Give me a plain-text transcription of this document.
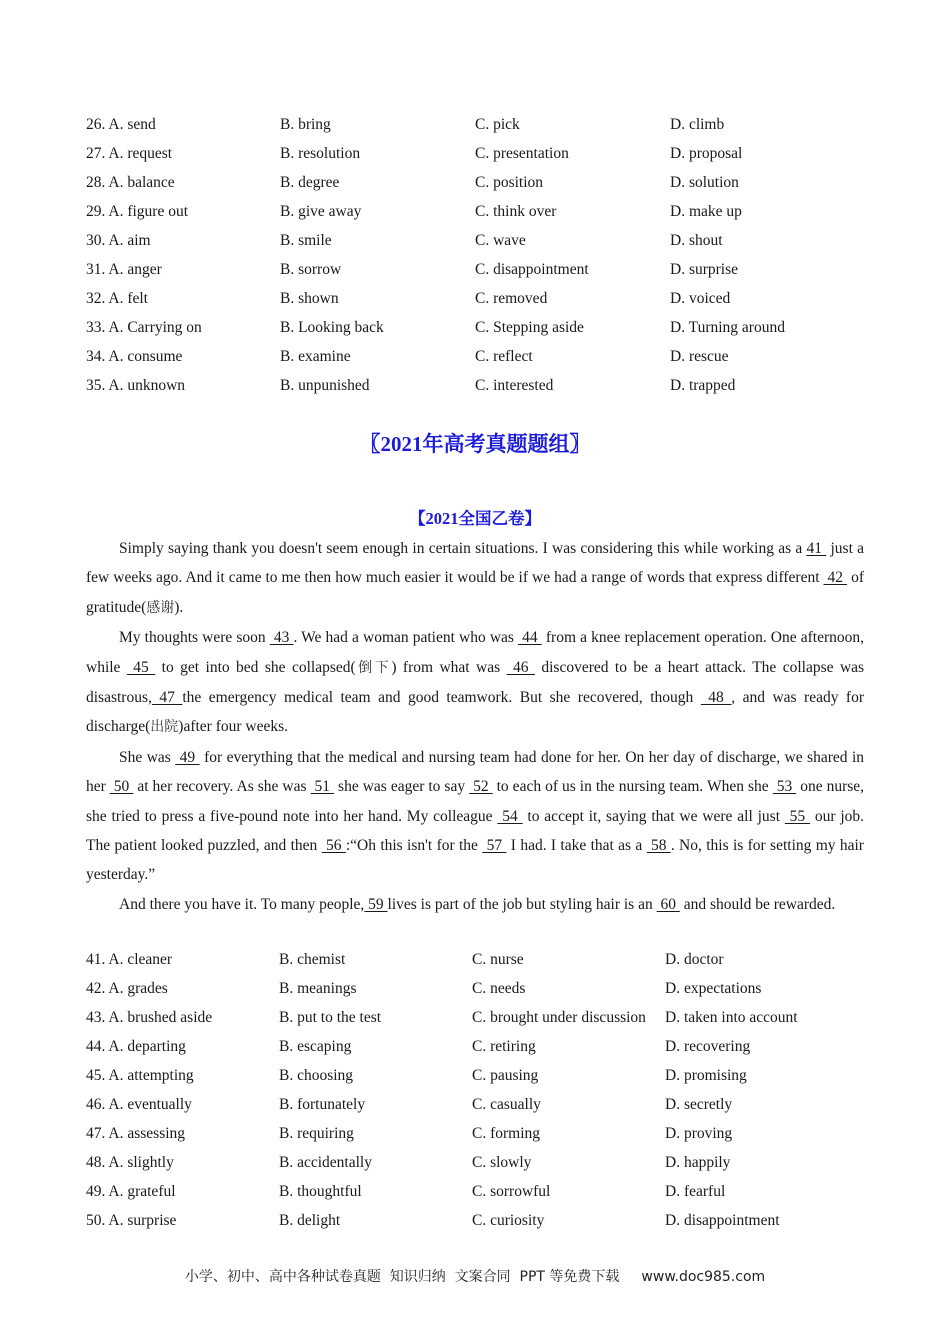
26. A. send	B. bring	C. pick	D. climb
27. A. request	B. resolution	C. presentation	D. proposal
28. A. balance	B. degree	C. position	D. solution
29. A. figure out	B. give away	C. think over	D. make up
30. A. aim	B. smile	C. wave	D. shout
31. A. anger	B. sorrow	C. disappointment	D. surprise
32. A. felt	B. shown	C. removed	D. voiced
33. A. Carrying on	B. Looking back	C. Stepping aside	D. Turning around
34. A. consume	B. examine	C. reflect	D. rescue
35. A. unknown	B. unpunished	C. interested	D. trapped
〖2021年高考真题题组〗
【2021全国乙卷】

Simply saying thank you doesn't seem enough in certain situations. I was considering this while working as a 41  just a few weeks ago. And it came to me then how much easier it would be if we had a range of words that express different  42  of gratitude(感谢).

My thoughts were soon  43 . We had a woman patient who was  44  from a knee replacement operation. One afternoon, while  45  to get into bed she collapsed(倒下) from what was  46  discovered to be a heart attack. The collapse was disastrous, 47 the emergency medical team and good teamwork. But she recovered, though  48 , and was ready for discharge(出院)after four weeks.

She was  49  for everything that the medical and nursing team had done for her. On her day of discharge, we shared in her  50  at her recovery. As she was  51  she was eager to say  52  to each of us in the nursing team. When she  53  one nurse, she tried to press a five-pound note into her hand. My colleague  54  to accept it, saying that we were all just  55  our job. The patient looked puzzled, and then  56 :“Oh this isn't for the  57  I had. I take that as a  58 . No, this is for setting my hair yesterday.”

And there you have it. To many people, 59 lives is part of the job but styling hair is an  60  and should be rewarded.

41. A. cleaner	B. chemist	C. nurse	D. doctor
42. A. grades	B. meanings	C. needs	D. expectations
43. A. brushed aside	B. put to the test	C. brought under discussion	D. taken into account
44. A. departing	B. escaping	C. retiring	D. recovering
45. A. attempting	B. choosing	C. pausing	D. promising
46. A. eventually	B. fortunately	C. casually	D. secretly
47. A. assessing	B. requiring	C. forming	D. proving
48. A. slightly	B. accidentally	C. slowly	D. happily
49. A. grateful	B. thoughtful	C. sorrowful	D. fearful
50. A. surprise	B. delight	C. curiosity	D. disappointment
小学、初中、高中各种试卷真题  知识归纳  文案合同  PPT 等免费下载 www.doc985.com
